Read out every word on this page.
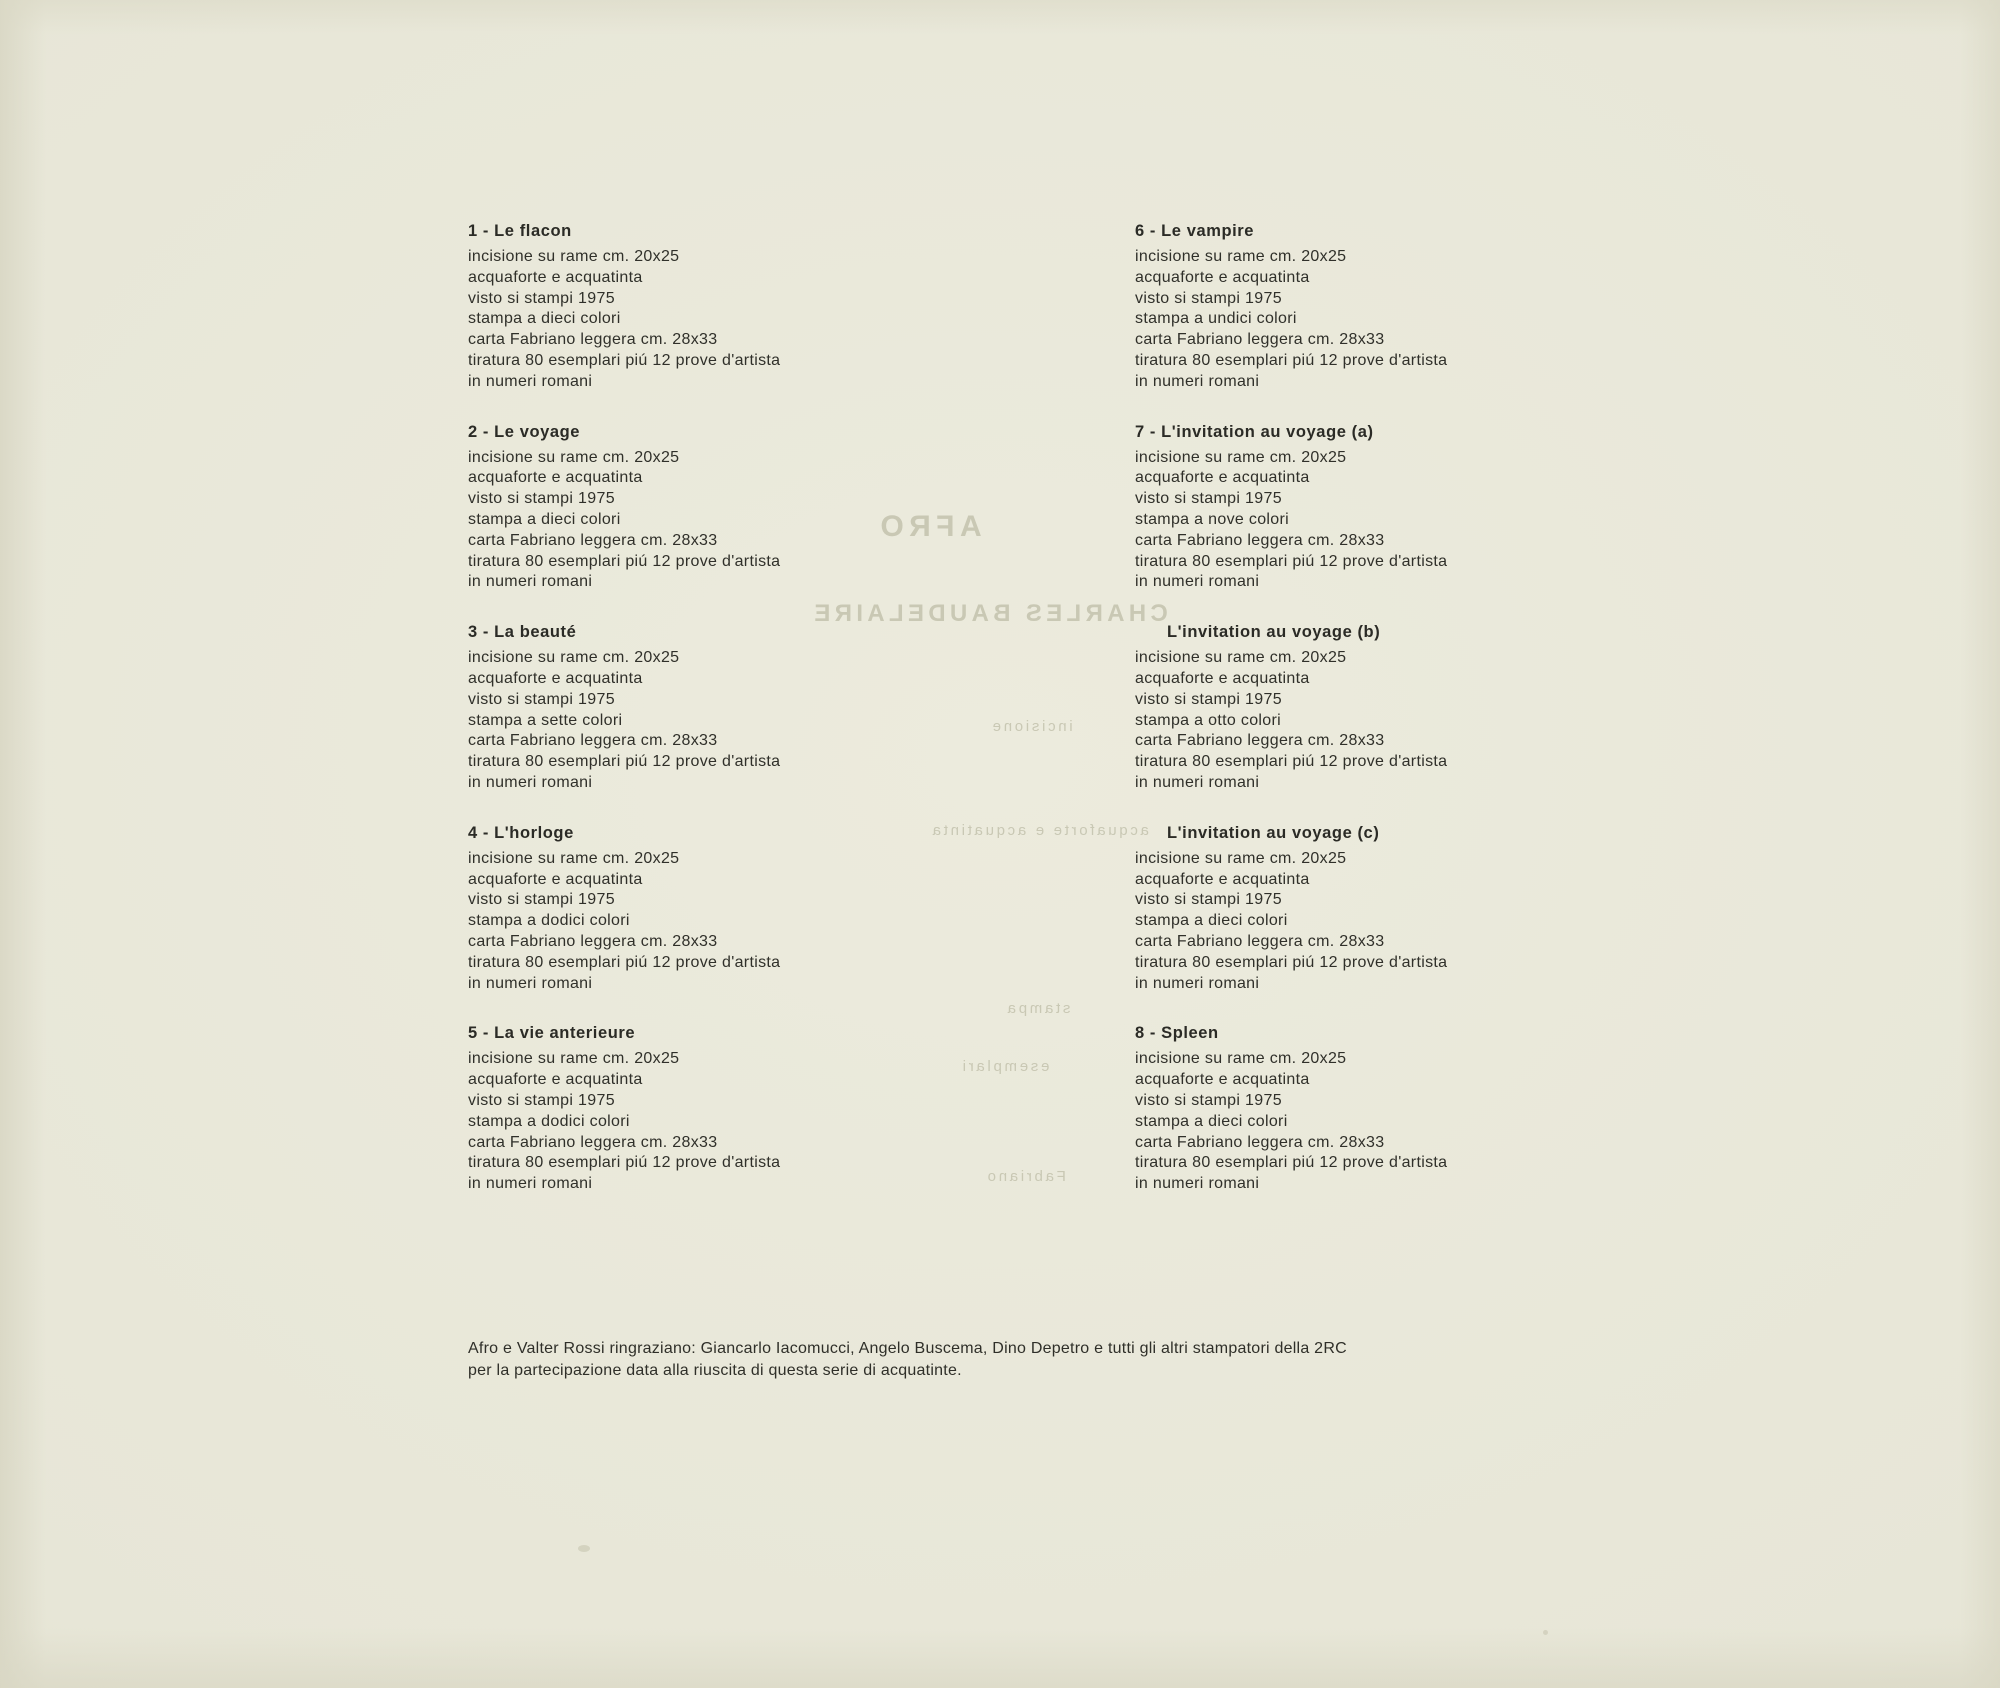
AFRO
CHARLES BAUDELAIRE
incisione
acquaforte e acquatinta
stampa
Fabriano
esemplari
1 - Le flacon
incisione su rame cm. 20x25
acquaforte e acquatinta
visto si stampi 1975
stampa a dieci colori
carta Fabriano leggera cm. 28x33
tiratura 80 esemplari piú 12 prove d'artista
in numeri romani
2 - Le voyage
incisione su rame cm. 20x25
acquaforte e acquatinta
visto si stampi 1975
stampa a dieci colori
carta Fabriano leggera cm. 28x33
tiratura 80 esemplari piú 12 prove d'artista
in numeri romani
3 - La beauté
incisione su rame cm. 20x25
acquaforte e acquatinta
visto si stampi 1975
stampa a sette colori
carta Fabriano leggera cm. 28x33
tiratura 80 esemplari piú 12 prove d'artista
in numeri romani
4 - L'horloge
incisione su rame cm. 20x25
acquaforte e acquatinta
visto si stampi 1975
stampa a dodici colori
carta Fabriano leggera cm. 28x33
tiratura 80 esemplari piú 12 prove d'artista
in numeri romani
5 - La vie anterieure
incisione su rame cm. 20x25
acquaforte e acquatinta
visto si stampi 1975
stampa a dodici colori
carta Fabriano leggera cm. 28x33
tiratura 80 esemplari piú 12 prove d'artista
in numeri romani
6 - Le vampire
incisione su rame cm. 20x25
acquaforte e acquatinta
visto si stampi 1975
stampa a undici colori
carta Fabriano leggera cm. 28x33
tiratura 80 esemplari piú 12 prove d'artista
in numeri romani
7 - L'invitation au voyage (a)
incisione su rame cm. 20x25
acquaforte e acquatinta
visto si stampi 1975
stampa a nove colori
carta Fabriano leggera cm. 28x33
tiratura 80 esemplari piú 12 prove d'artista
in numeri romani
L'invitation au voyage (b)
incisione su rame cm. 20x25
acquaforte e acquatinta
visto si stampi 1975
stampa a otto colori
carta Fabriano leggera cm. 28x33
tiratura 80 esemplari piú 12 prove d'artista
in numeri romani
L'invitation au voyage (c)
incisione su rame cm. 20x25
acquaforte e acquatinta
visto si stampi 1975
stampa a dieci colori
carta Fabriano leggera cm. 28x33
tiratura 80 esemplari piú 12 prove d'artista
in numeri romani
8 - Spleen
incisione su rame cm. 20x25
acquaforte e acquatinta
visto si stampi 1975
stampa a dieci colori
carta Fabriano leggera cm. 28x33
tiratura 80 esemplari piú 12 prove d'artista
in numeri romani
Afro e Valter Rossi ringraziano: Giancarlo Iacomucci, Angelo Buscema, Dino Depetro e tutti gli altri stampatori della 2RC
per la partecipazione data alla riuscita di questa serie di acquatinte.
